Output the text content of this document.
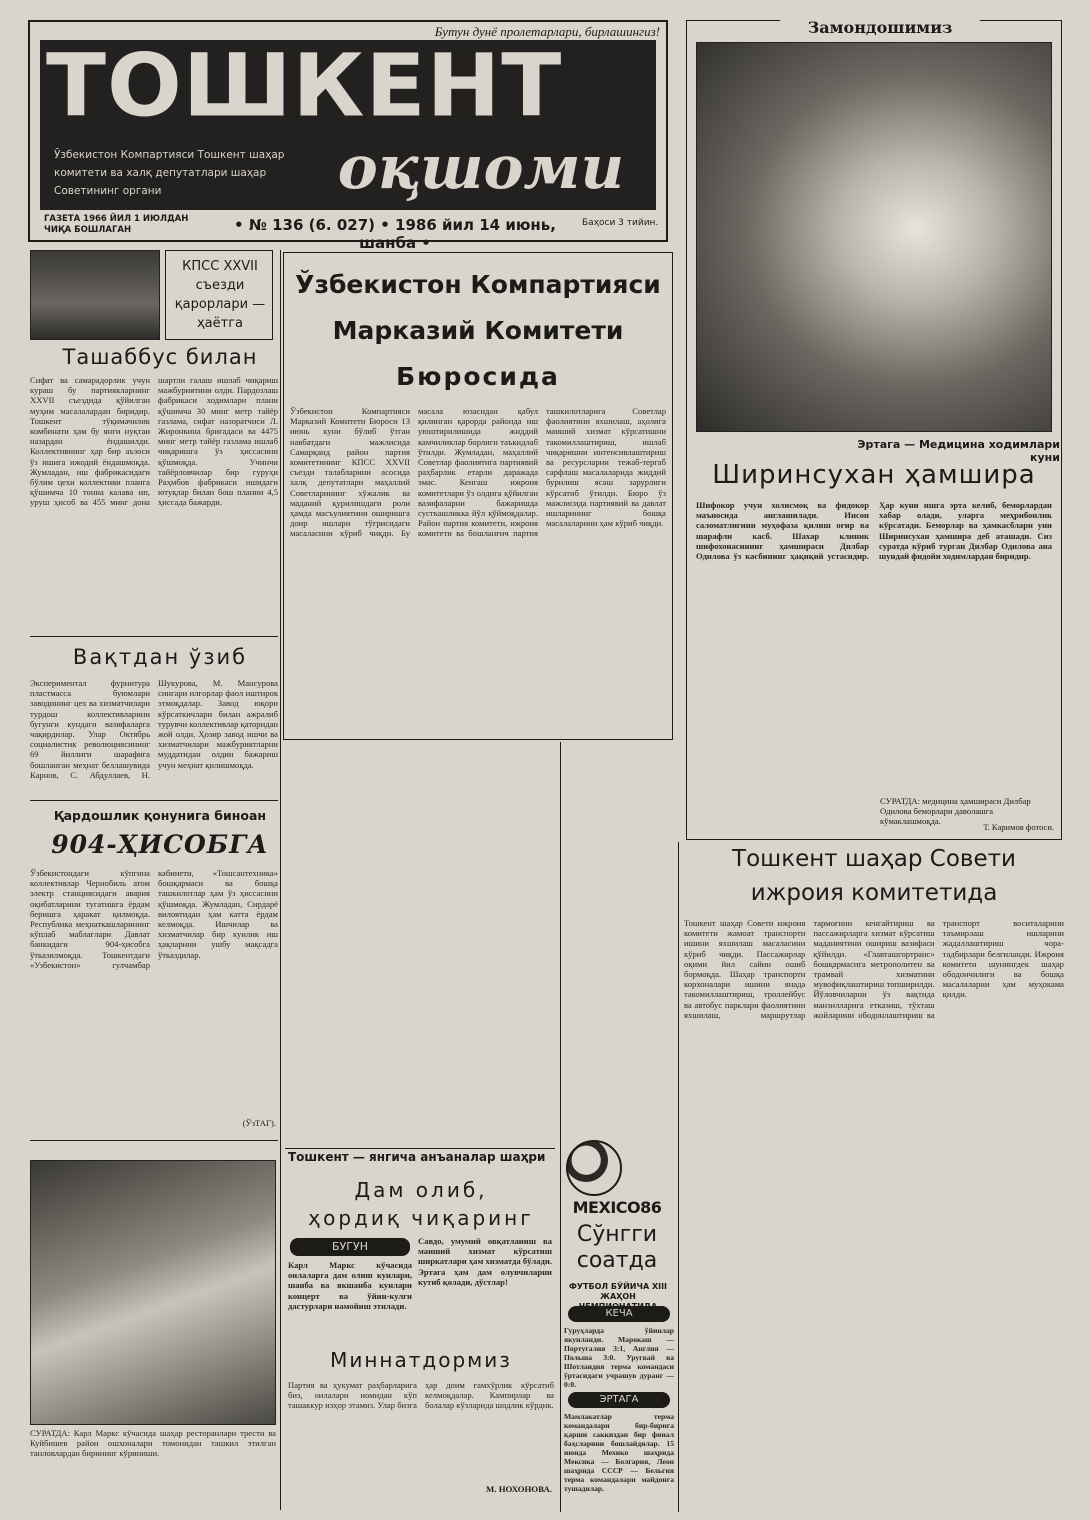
Бутун дунё пролетарлари, бирлашингиз!
ТОШКЕНТ
оқшоми
Ўзбекистон Компартияси Тошкент шаҳар комитети ва халқ депутатлари шаҳар Советининг органи
ГАЗЕТА 1966 ЙИЛ 1 ИЮЛДАН ЧИҚА БОШЛАГАН	• № 136 (6. 027) • 1986 йил 14 июнь, шанба •
Баҳоси 3 тийин.
КПСС XXVII съезди қарорлари — ҳаётга
Ташаббус билан
Сифат ва самарадорлик учун кураш бу партиякларнинг XXVII съездида қўйилган муҳим масалалардан биридир. Тошкент тўқимачилик комбинати ҳам бу янги нуқтаи назардан ёндашилди. Коллективнинг ҳар бир аъзоси ўз ишига ижодий ёндашмоқда. Жумладан, иш фабрикасидаги бўлим цехи коллективи планга қўшимча 10 тонна калава ип, уруш ҳисоб ва 455 минг дона шартли галаш ишлаб чиқариш мажбуриятини олди. Пардозлаш фабрикаси ходимлари плани қўшимча 30 минг метр тайёр газлама, сифат назоратчиси Л. Жиронкина бригадаси ва 4475 минг метр тайёр газлама ишлаб чиқаришга ўз ҳиссасини қўшмоқда. Учинчи тайёрловчилар бир гуруҳи Раҳмбов фабрикаси ишидаги ютуқлар билан бош планни 4,5 ҳиссада бажарди.
Вақтдан ўзиб
Экспериментал фурнитура пластмасса буюмлари заводининг цех ва хизматчилари турдош коллективларини бугунги кундаги вазифаларга чақирдилар. Улар Октябрь социалистик революциясининг 69 йиллиги шарафига бошланган меҳнат беллашувида Карнов, С. Абдуллаев, Н. Шукурова, М. Мансурова сингари илғорлар фаол иштирок этмоқдалар. Завод юқори кўрсаткичлари билан ажралиб турувчи коллективлар қаторидан жой олди. Ҳозир завод ишчи ва хизматчилари мажбуриятларни муддатидан олдин бажариш учун меҳнат қилишмоқда.
Қардошлик қонунига биноан
904-ҲИСОБГА
Ўзбекистондаги кўпгина коллективлар Чернобиль атом электр станциясидаги авария оқибатларини тугатишга ёрдам беришга ҳаракат қилмоқда. Республика меҳнаткашларининг кўплаб маблағлари Давлат банкидаги 904-ҳисобга ўтказилмоқда. Тошкентдаги «Узбекистон» гулчамбар кабинети, «Тошсантехника» бошқармаси ва бошқа ташкилотлар ҳам ўз ҳиссасини қўшмоқда. Жумладан, Сирдарё вилоятидан ҳам катта ёрдам келмоқда. Ишчилар ва хизматчилар бир кунлик иш ҳақларини ушбу мақсадга ўтказдилар.
(ЎзТАГ).
Ўзбекистон Компартияси
Марказий Комитети
Бюросида
Ўзбекистон Компартияси Марказий Комитети Бюроси 13 июнь куни бўлиб ўтган навбатдаги мажлисида Самарқанд район партия комитетининг КПСС XXVII съезди талабларини асосида халқ депутатлари маҳаллий Советларининг хўжалик ва маданий қурилишдаги роли ҳамда масъулиятини оширишга доир ишлари тўғрисидаги масаласини кўриб чиқди. Бу масала юзасидан қабул қилинган қарорда районда иш уюштирилишида жиддий камчиликлар борлиги таъкидлаб ўтилди. Жумладан, маҳаллий Советлар фаолиятига партиявий раҳбарлик етарли даражада эмас. Кенгаш ижроия комитетлари ўз олдига қўйилган вазифаларни бажаришда сусткашликка йўл қўймоқдалар. Район партия комитети, ижроия комитети ва бошланғич партия ташкилотларига Советлар фаолиятини яхшилаш, аҳолига маиший хизмат кўрсатишни такомиллаштириш, ишлаб чиқаришни интенсивлаштириш ва ресурсларни тежаб-тергаб сарфлаш масалаларида жиддий бурилиш ясаш зарурлиги кўрсатиб ўтилди. Бюро ўз мажлисида партиявий ва давлат ишларининг бошқа масалаларини ҳам кўриб чиқди.
Замондошимиз
Эртага — Медицина ходимлари куни
Ширинсухан ҳамшира
Шифокор учун холисмоқ ва фидокор маъносида англашилади. Инсон саломатлигини муҳофаза қилиш оғир ва шарафли касб. Шахар клиник шифохонасининг ҳамшираси Дилбар Одилова ўз касбининг ҳақиқий устасидир. Ҳар куни ишга эрта келиб, беморлардан хабар олади, уларга меҳрибонлик кўрсатади. Беморлар ва ҳамкасблари уни Ширинсухан ҳамшира деб аташади. Сиз суратда кўриб турган Дилбар Одилова ана шундай фидойи ходимлардан биридир.
СУРАТДА: медицина ҳамшираси Дилбар Одилова беморлари даволашга кўмаклашмоқда.
Т. Каримов фотоси.
Тошкент шаҳар Совети
ижроия комитетида
Тошкент шаҳар Совети ижроия комитети жамоат транспорти ишини яхшилаш масаласини кўриб чиқди. Пассажирлар оқими йил сайин ошиб бормоқда. Шаҳар транспорти корхоналари ишини янада такомиллаштириш, троллейбус ва автобус парклари фаолиятини яхшилаш, маршрутлар тармоғини кенгайтириш ва пассажирларга хизмат кўрсатиш маданиятини ошириш вазифаси қўйилди. «Главташгортранс» бошқармасига метрополитен ва трамвай хизматини мувофиқлаштириш топширилди. Йўловчиларни ўз вақтида манзилларига етказиш, тўхташ жойларини ободонлаштириш ва транспорт воситаларини таъмирлаш ишларини жадаллаштириш чора-тадбирлари белгиланди. Ижроия комитети шунингдек шаҳар ободончилиги ва бошқа масалаларни ҳам муҳокама қилди.
СУРАТДА: Карл Маркс кўчасида шаҳар ресторанлари трести ва Куйбишев район ошхоналари томонидан ташкил этилган танловлардан бирининг кўриниши.
Тошкент — янгича анъаналар шаҳри
Дам олиб,
ҳордиқ чиқаринг
БУГУН
Карл Маркс кўчасида оилаларга дам олиш кунлари, шанба ва якшанба кунлари концерт ва ўйин-кулги дастурлари намойиш этилади.
Савдо, умумий овқатланиш ва маиший хизмат кўрсатиш ширкатлари ҳам хизматда бўлади. Эртага ҳам дам олувчиларни кутиб қолади, дўстлар!
Миннатдормиз
Партия ва ҳукумат раҳбарларига биз, оилалари номидан кўп ташаккур изҳор этамиз. Улар бизга ҳар доим ғамхўрлик кўрсатиб келмоқдалар. Кампирлар ва болалар кўзларида шодлик кўрдик.
М. НОХОНОВА.
MEXICO86
Сўнгги
соатда
ФУТБОЛ БЎЙИЧА XIII ЖАҲОН
КЕЧА
Гуруҳларда ўйинлар якунланди. Марокаш — Португалия 3:1, Англия — Польша 3:0. Уругвай ва Шотландия терма командаси ўртасидаги учрашув дуранг — 0:0.
ЭРТАГА
Мамлакатлар терма командалари бир-бирига қарши саккиздан бир финал баҳсларини бошлайдилар. 15 июнда Мехико шаҳрида Мексика — Болгария, Леон шаҳрида СССР — Бельгия терма командалари майдонга тушадилар.
